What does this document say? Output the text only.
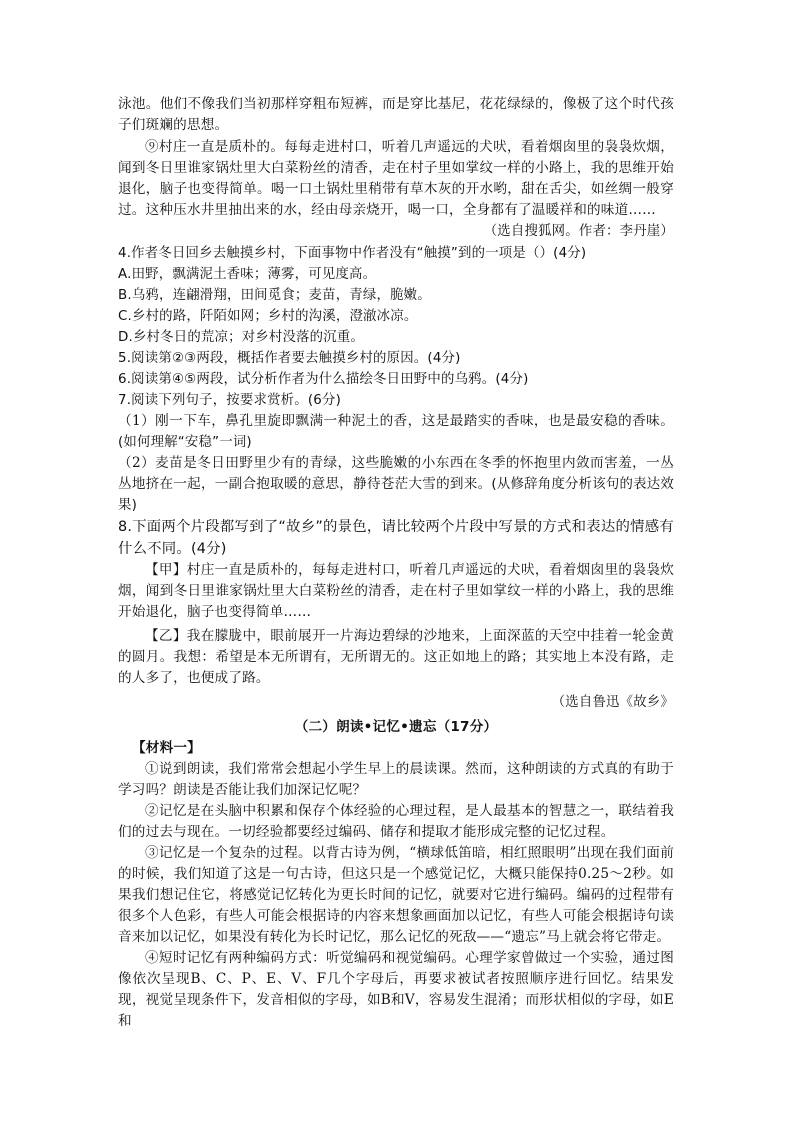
泳池。他们不像我们当初那样穿粗布短裤，而是穿比基尼，花花绿绿的，像极了这个时代孩子们斑斓的思想。

⑨村庄一直是质朴的。每每走进村口，听着几声遥远的犬吠，看着烟囱里的袅袅炊烟，闻到冬日里谁家锅灶里大白菜粉丝的清香，走在村子里如掌纹一样的小路上，我的思维开始退化，脑子也变得简单。喝一口土锅灶里稍带有草木灰的开水哟，甜在舌尖，如丝绸一般穿过。这种压水井里抽出来的水，经由母亲烧开，喝一口，全身都有了温暖祥和的味道……

（选自搜狐网。作者：李丹崖）

4.作者冬日回乡去触摸乡村，下面事物中作者没有“触摸”到的一项是（）(4分)

A.田野，飘满泥土香味；薄雾，可见度高。

B.乌鸦，连翩滑翔，田间觅食；麦苗，青绿，脆嫩。

C.乡村的路，阡陌如网；乡村的沟溪，澄澈冰凉。

D.乡村冬日的荒凉；对乡村没落的沉重。

5.阅读第②③两段，概括作者要去触摸乡村的原因。(4分)

6.阅读第④⑤两段，试分析作者为什么描绘冬日田野中的乌鸦。(4分)

7.阅读下列句子，按要求赏析。(6分)

（1）刚一下车，鼻孔里旋即飘满一种泥土的香，这是最踏实的香味，也是最安稳的香味。(如何理解“安稳”一词)

（2）麦苗是冬日田野里少有的青绿，这些脆嫩的小东西在冬季的怀抱里内敛而害羞，一丛丛地挤在一起，一副合抱取暖的意思，静待苍茫大雪的到来。(从修辞角度分析该句的表达效果)

8.下面两个片段都写到了“故乡”的景色，请比较两个片段中写景的方式和表达的情感有什么不同。(4分)

【甲】村庄一直是质朴的，每每走进村口，听着几声遥远的犬吠，看着烟囱里的袅袅炊烟，闻到冬日里谁家锅灶里大白菜粉丝的清香，走在村子里如掌纹一样的小路上，我的思维开始退化，脑子也变得简单……

【乙】我在朦胧中，眼前展开一片海边碧绿的沙地来，上面深蓝的天空中挂着一轮金黄的圆月。我想：希望是本无所谓有，无所谓无的。这正如地上的路；其实地上本没有路，走的人多了，也便成了路。

（选自鲁迅《故乡》

（二）朗读•记忆•遗忘（17分）

【材料一】

①说到朗读，我们常常会想起小学生早上的晨读课。然而，这种朗读的方式真的有助于学习吗？朗读是否能让我们加深记忆呢？

②记忆是在头脑中积累和保存个体经验的心理过程，是人最基本的智慧之一，联结着我们的过去与现在。一切经验都要经过编码、储存和提取才能形成完整的记忆过程。

③记忆是一个复杂的过程。以背古诗为例，“横球低笛暗，相红照眼明”出现在我们面前的时候，我们知道了这是一句古诗，但这只是一个感觉记忆，大概只能保持0.25～2秒。如果我们想记住它，将感觉记忆转化为更长时间的记忆，就要对它进行编码。编码的过程带有很多个人色彩，有些人可能会根据诗的内容来想象画面加以记忆，有些人可能会根据诗句读音来加以记忆，如果没有转化为长时记忆，那么记忆的死敌——“遗忘”马上就会将它带走。

④短时记忆有两种编码方式：听觉编码和视觉编码。心理学家曾做过一个实验，通过图像依次呈现B、C、P、E、V、F几个字母后，再要求被试者按照顺序进行回忆。结果发现，视觉呈现条件下，发音相似的字母，如B和V，容易发生混淆；而形状相似的字母，如E和
